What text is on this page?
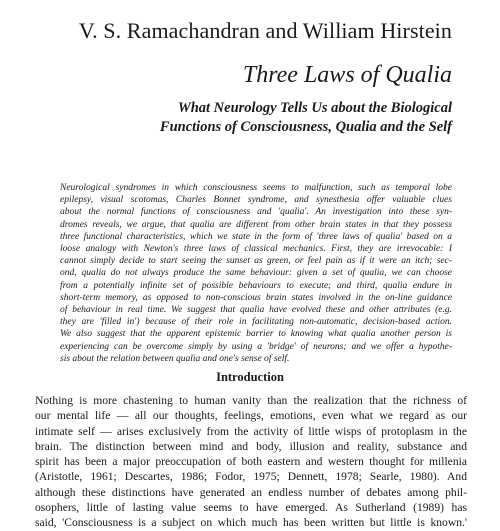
V. S. Ramachandran and William Hirstein
Three Laws of Qualia
What Neurology Tells Us about the Biological
Functions of Consciousness, Qualia and the Self
Neurological syndromes in which consciousness seems to malfunction, such as temporal lobe
epilepsy, visual scotomas, Charles Bonnet syndrome, and synesthesia offer valuable clues
about the normal functions of consciousness and 'qualia'. An investigation into these syn-
dromes reveals, we argue, that qualia are different from other brain states in that they possess
three functional characteristics, which we state in the form of 'three laws of qualia' based on a
loose analogy with Newton's three laws of classical mechanics. First, they are irrevocable: I
cannot simply decide to start seeing the sunset as green, or feel pain as if it were an itch; sec-
ond, qualia do not always produce the same behaviour: given a set of qualia, we can choose
from a potentially infinite set of possible behaviours to execute; and third, qualia endure in
short-term memory, as opposed to non-conscious brain states involved in the on-line guidance
of behaviour in real time. We suggest that qualia have evolved these and other attributes (e.g.
they are 'filled in') because of their role in facilitating non-automatic, decision-based action.
We also suggest that the apparent epistemic barrier to knowing what qualia another person is
experiencing can be overcome simply by using a 'bridge' of neurons; and we offer a hypothe-
sis about the relation between qualia and one's sense of self.
Introduction
Nothing is more chastening to human vanity than the realization that the richness of
our mental life — all our thoughts, feelings, emotions, even what we regard as our
intimate self — arises exclusively from the activity of little wisps of protoplasm in the
brain. The distinction between mind and body, illusion and reality, substance and
spirit has been a major preoccupation of both eastern and western thought for millenia
(Aristotle, 1961; Descartes, 1986; Fodor, 1975; Dennett, 1978; Searle, 1980). And
although these distinctions have generated an endless number of debates among phil-
osophers, little of lasting value seems to have emerged. As Sutherland (1989) has
said, 'Consciousness is a subject on which much has been written but little is known.'
